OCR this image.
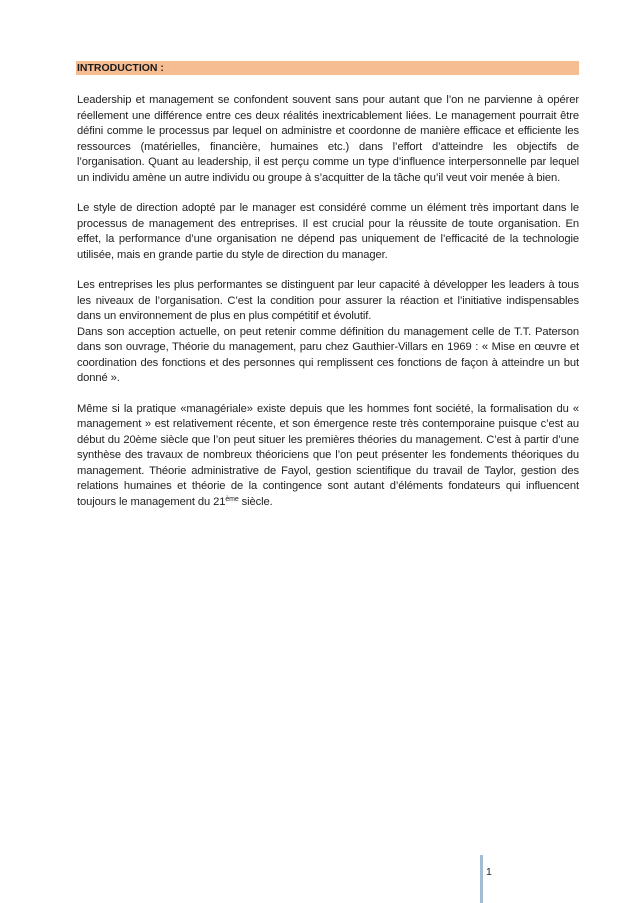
INTRODUCTION :

Leadership et management se confondent souvent sans pour autant que l’on ne parvienne à opérer réellement une différence entre ces deux réalités inextricablement liées. Le management pourrait être défini comme le processus par lequel on administre et coordonne de manière efficace et efficiente les ressources (matérielles, financière, humaines etc.) dans l’effort d’atteindre les objectifs de l’organisation. Quant au leadership, il est perçu comme un type d’influence interpersonnelle par lequel un individu amène un autre individu ou groupe à s’acquitter de la tâche qu’il veut voir menée à bien.

Le style de direction adopté par le manager est considéré comme un élément très important dans le processus de management des entreprises. Il est crucial pour la réussite de toute organisation. En effet, la performance d’une organisation ne dépend pas uniquement de l’efficacité de la technologie utilisée, mais en grande partie du style de direction du manager.

Les entreprises les plus performantes se distinguent par leur capacité à développer les leaders à tous les niveaux de l’organisation. C’est la condition pour assurer la réaction et l’initiative indispensables dans un environnement de plus en plus compétitif et évolutif.

Dans son acception actuelle, on peut retenir comme définition du management celle de T.T. Paterson dans son ouvrage, Théorie du management, paru chez Gauthier-Villars en 1969 : « Mise en œuvre et coordination des fonctions et des personnes qui remplissent ces fonctions de façon à atteindre un but donné ».

Même si la pratique «managériale» existe depuis que les hommes font société, la formalisation du « management » est relativement récente, et son émergence reste très contemporaine puisque c’est au début du 20ème siècle que l’on peut situer les premières théories du management. C’est à partir d’une synthèse des travaux de nombreux théoriciens que l’on peut présenter les fondements théoriques du management. Théorie administrative de Fayol, gestion scientifique du travail de Taylor, gestion des relations humaines et théorie de la contingence sont autant d’éléments fondateurs qui influencent toujours le management du 21ème siècle.

1
